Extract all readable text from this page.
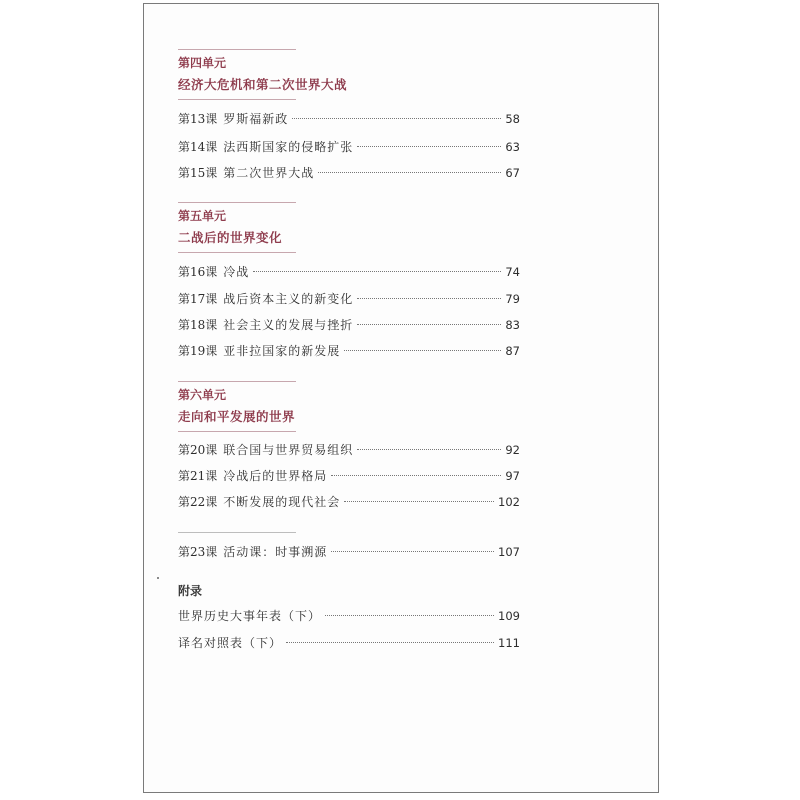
第四单元
经济大危机和第二次世界大战
第13课 罗斯福新政	58
第14课 法西斯国家的侵略扩张	63
第15课 第二次世界大战	67
第五单元
二战后的世界变化
第16课 冷战	74
第17课 战后资本主义的新变化	79
第18课 社会主义的发展与挫折	83
第19课 亚非拉国家的新发展	87
第六单元
走向和平发展的世界
第20课 联合国与世界贸易组织	92
第21课 冷战后的世界格局	97
第22课 不断发展的现代社会	102
第23课 活动课：时事溯源	107
附录
世界历史大事年表（下）	109
译名对照表（下）	111
